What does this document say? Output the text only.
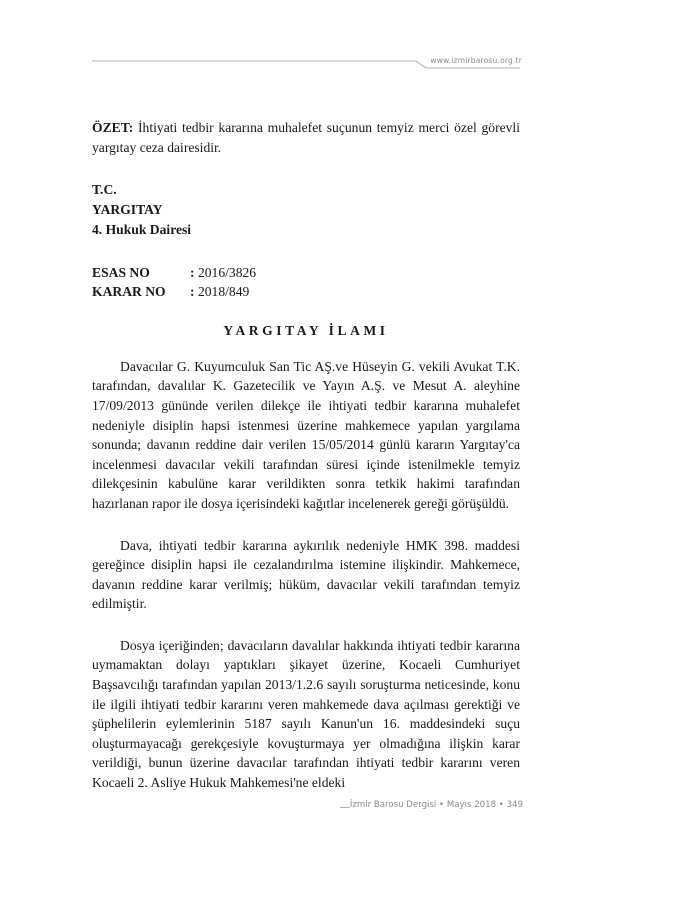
www.izmirbarosu.org.tr

ÖZET: İhtiyati tedbir kararına muhalefet suçunun temyiz merci özel görevli yargıtay ceza dairesidir.

T.C.
YARGITAY
4. Hukuk Dairesi
ESAS NO	: 2016/3826
KARAR NO : 2018/849
YARGITAY İLAMI

Davacılar G. Kuyumculuk San Tic AŞ.ve Hüseyin G. vekili Avukat T.K. tarafından, davalılar K. Gazetecilik ve Yayın A.Ş. ve Mesut A. aleyhine 17/09/2013 gününde verilen dilekçe ile ihtiyati tedbir kararına muhalefet nedeniyle disiplin hapsi istenmesi üzerine mahkemece yapılan yargılama sonunda; davanın reddine dair verilen 15/05/2014 günlü kararın Yargıtay'ca incelenmesi davacılar vekili tarafından süresi içinde istenilmekle temyiz dilekçesinin kabulüne karar verildikten sonra tetkik hakimi tarafından hazırlanan rapor ile dosya içerisindeki kağıtlar incelenerek gereği görüşüldü.

Dava, ihtiyati tedbir kararına aykırılık nedeniyle HMK 398. maddesi gereğince disiplin hapsi ile cezalandırılma istemine ilişkindir. Mahkemece, davanın reddine karar verilmiş; hüküm, davacılar vekili tarafından temyiz edilmiştir.

Dosya içeriğinden; davacıların davalılar hakkında ihtiyati tedbir kararına uymamaktan dolayı yaptıkları şikayet üzerine, Kocaeli Cumhuriyet Başsavcılığı tarafından yapılan 2013/1.2.6 sayılı soruşturma neticesinde, konu ile ilgili ihtiyati tedbir kararını veren mahkemede dava açılması gerektiği ve şüphelilerin eylemlerinin 5187 sayılı Kanun'un 16. maddesindeki suçu oluşturmayacağı gerekçesiyle kovuşturmaya yer olmadığına ilişkin karar verildiği, bunun üzerine davacılar tarafından ihtiyati tedbir kararını veren Kocaeli 2. Asliye Hukuk Mahkemesi'ne eldeki

İzmir Barosu Dergisi • Mayıs 2018 • 349
